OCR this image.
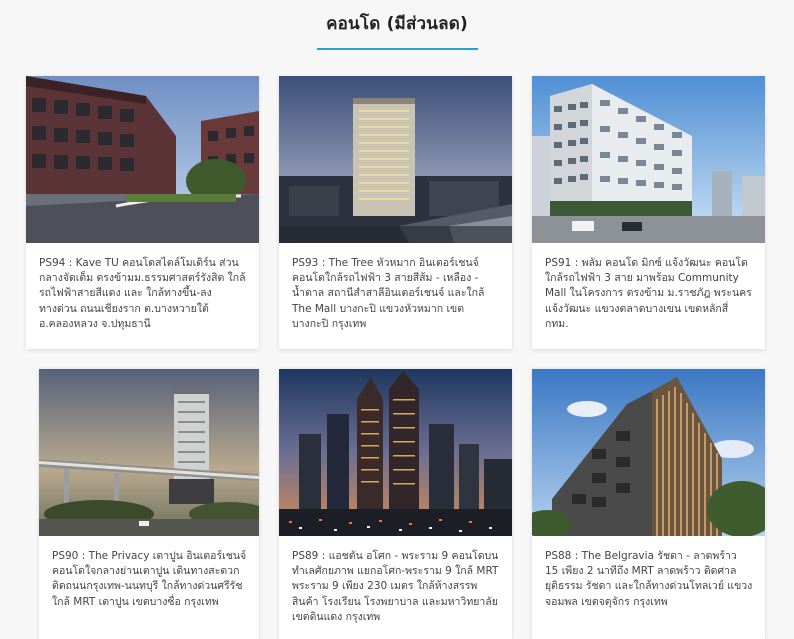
คอนโด (มีส่วนลด)
PS94 : Kave TU คอนโดสไตล์โมเดิร์น ส่วนกลางจัดเต็ม ตรงข้ามม.ธรรมศาสตร์รังสิต ใกล้รถไฟฟ้าสายสีแดง และ ใกล้ทางขึ้น-ลงทางด่วน ถนนเชียงราก ต.บางหวายใต้ อ.คลองหลวง จ.ปทุมธานี
PS93 : The Tree หัวหมาก อินเตอร์เชนจ์ คอนโดใกล้รถไฟฟ้า 3 สายสีส้ม - เหลือง - น้ำตาล สถานีสำสาลีอินเตอร์เชนจ์ และใกล้ The Mall บางกะปิ แขวงหัวหมาก เขตบางกะปิ กรุงเทพ
PS91 : พลัม คอนโด มิกซ์ แจ้งวัฒนะ คอนโดใกล้รถไฟฟ้า 3 สาย มาพร้อม Community Mall ในโครงการ ตรงข้าม ม.ราชภัฎ พระนคร แจ้งวัฒนะ แขวงตลาดบางเขน เขตหลักสี่ กทม.
PS90 : The Privacy เตาปูน อินเตอร์เชนจ์ คอนโดใจกลางย่านเตาปูน เดินทางสะดวกติดถนนกรุงเทพ-นนทบุรี ใกล้ทางด่วนศรีรัช ใกล้ MRT เตาปูน เขตบางซื่อ กรุงเทพ
PS89 : แอชตัน อโศก - พระราม 9 คอนโดบนทำเลศักยภาพ แยกอโศก-พระราม 9 ใกล้ MRT พระราม 9 เพียง 230 เมตร ใกล้ห้างสรรพสินค้า โรงเรียน โรงพยาบาล และมหาวิทยาลัย เขตดินแดง กรุงเทพ
PS88 : The Belgravia รัชดา - ลาดพร้าว 15 เพียง 2 นาทีถึง MRT ลาดพร้าว ติดศาลยุติธรรม รัชดา และใกล้ทางด่วนโทลเวย์ แขวงจอมพล เขตจตุจักร กรุงเทพ
